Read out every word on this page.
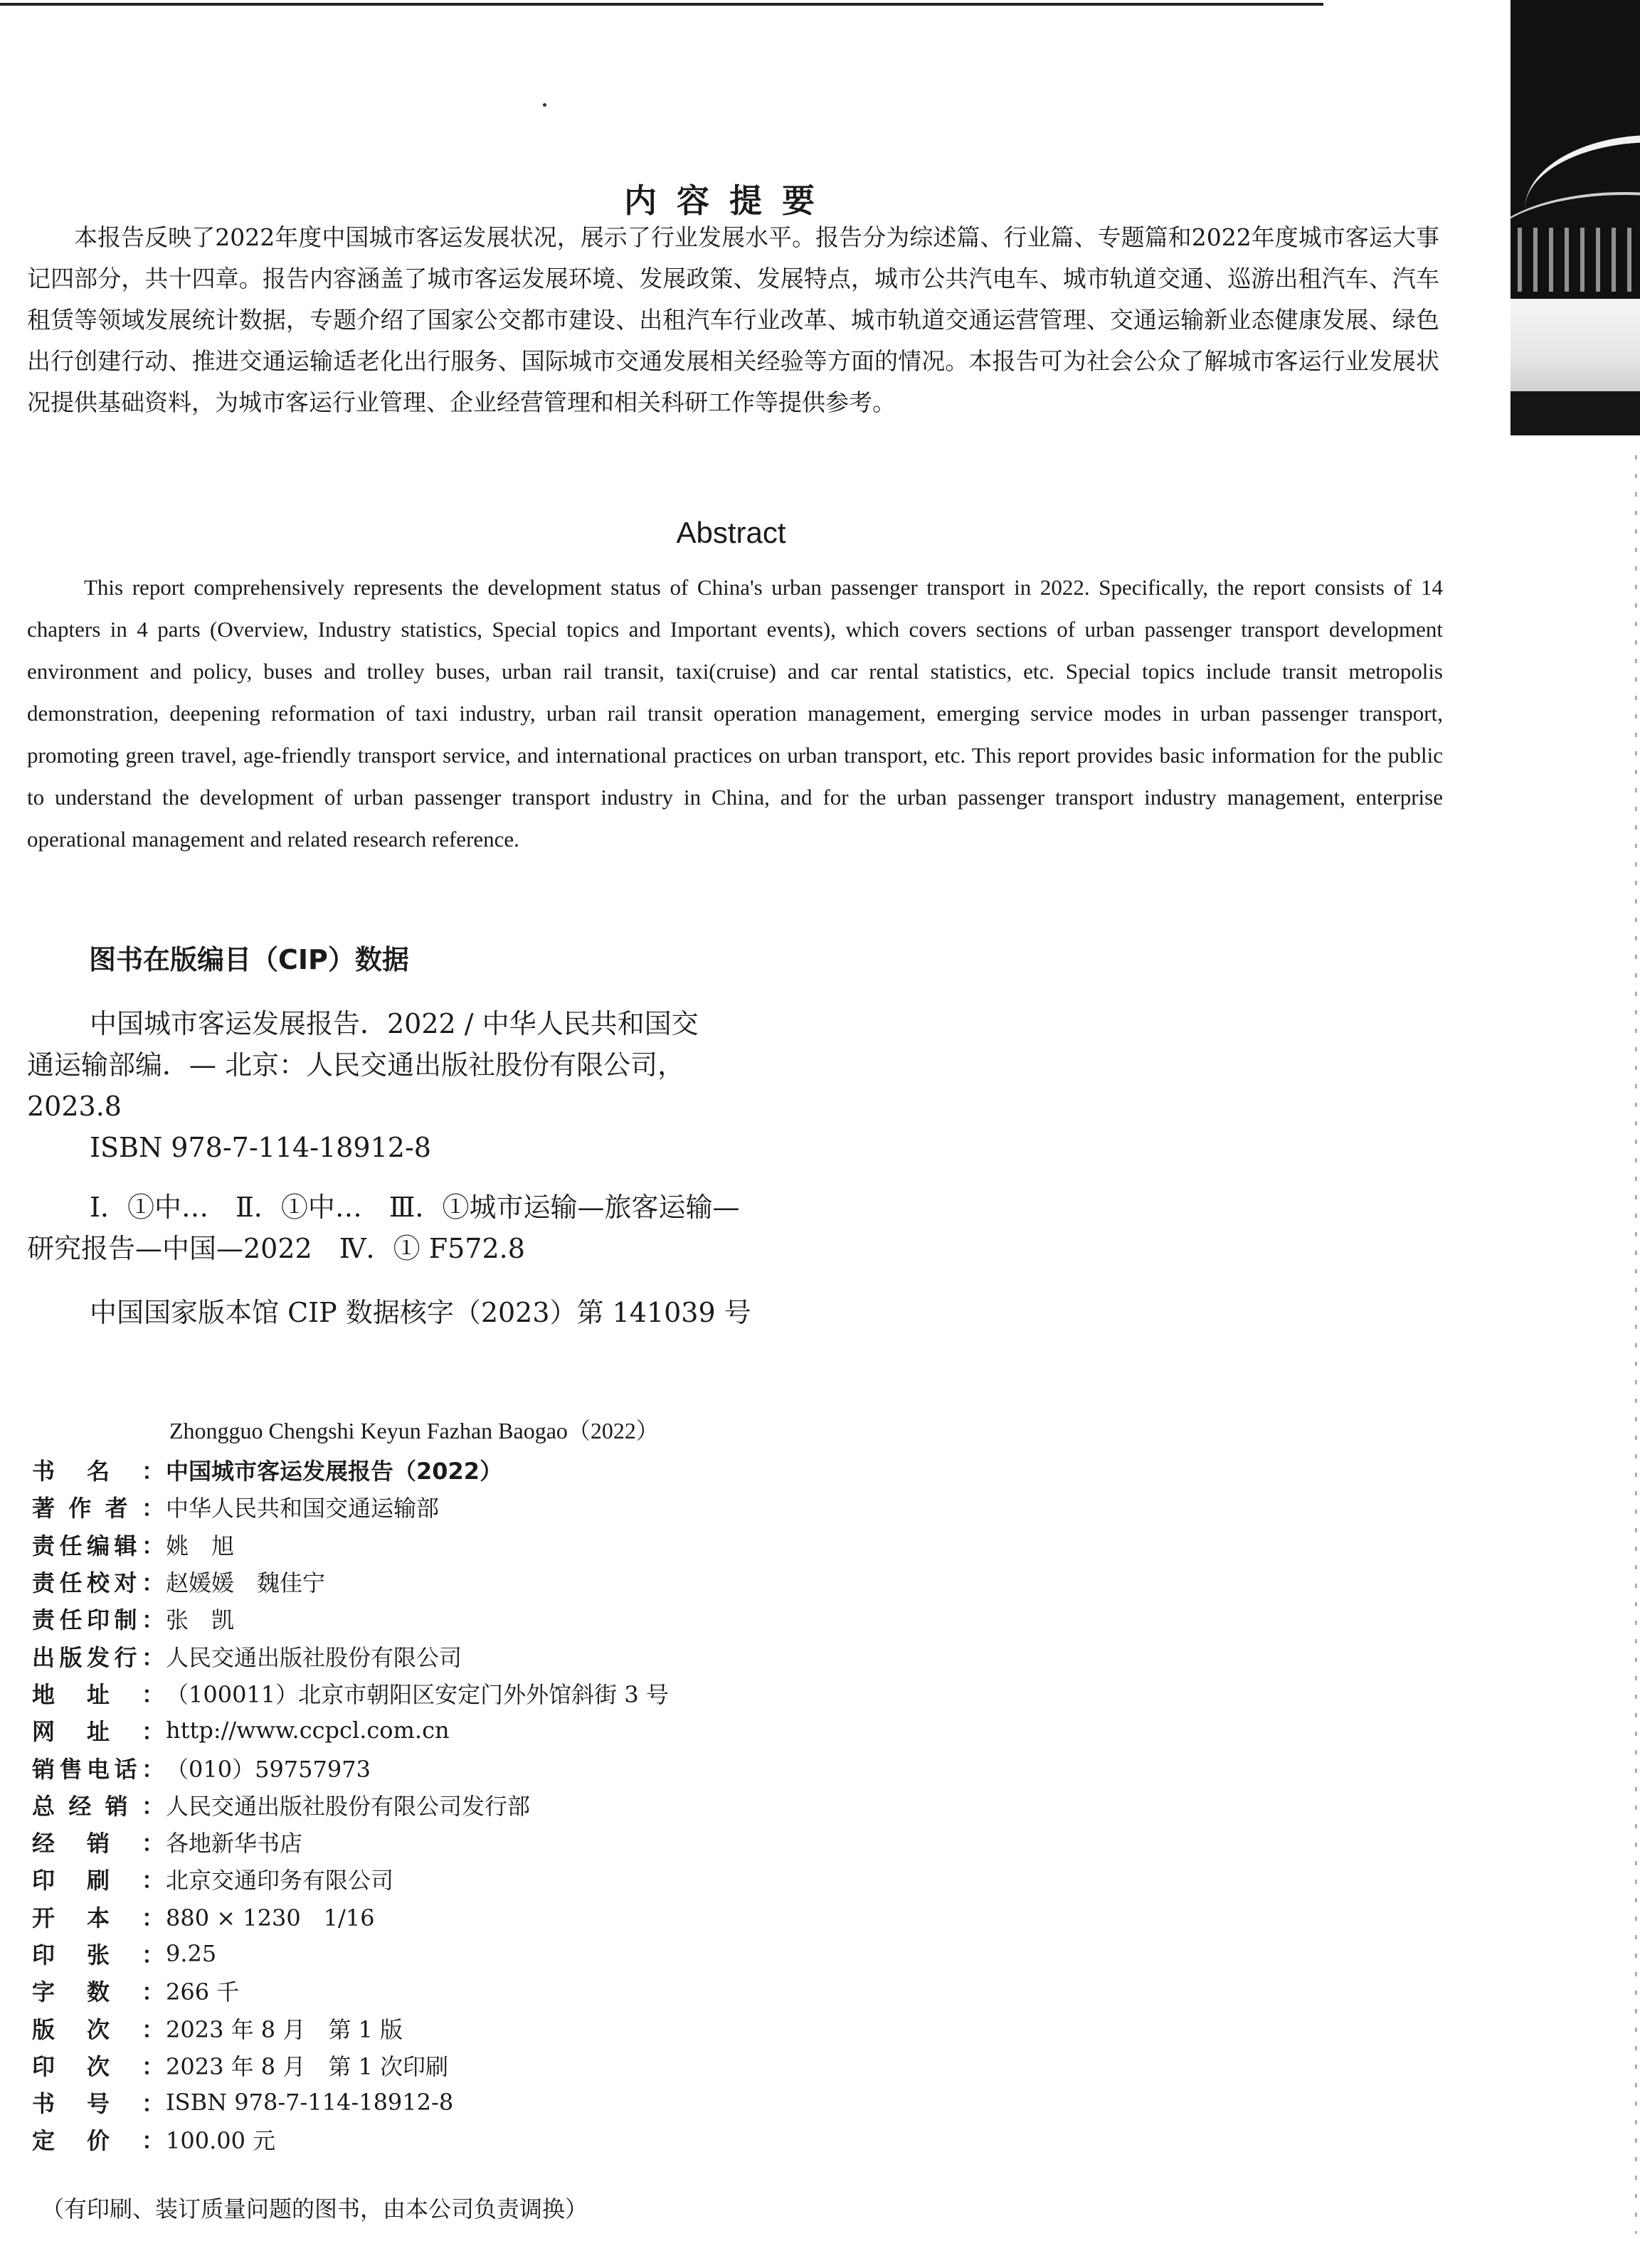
内容提要

本报告反映了2022年度中国城市客运发展状况，展示了行业发展水平。报告分为综述篇、行业篇、专题篇和2022年度城市客运大事记四部分，共十四章。报告内容涵盖了城市客运发展环境、发展政策、发展特点，城市公共汽电车、城市轨道交通、巡游出租汽车、汽车租赁等领域发展统计数据，专题介绍了国家公交都市建设、出租汽车行业改革、城市轨道交通运营管理、交通运输新业态健康发展、绿色出行创建行动、推进交通运输适老化出行服务、国际城市交通发展相关经验等方面的情况。本报告可为社会公众了解城市客运行业发展状况提供基础资料，为城市客运行业管理、企业经营管理和相关科研工作等提供参考。

Abstract

This report comprehensively represents the development status of China's urban passenger transport in 2022. Specifically, the report consists of 14 chapters in 4 parts (Overview, Industry statistics, Special topics and Important events), which covers sections of urban passenger transport development environment and policy, buses and trolley buses, urban rail transit, taxi(cruise) and car rental statistics, etc. Special topics include transit metropolis demonstration, deepening reformation of taxi industry, urban rail transit operation management, emerging service modes in urban passenger transport, promoting green travel, age-friendly transport service, and international practices on urban transport, etc. This report provides basic information for the public to understand the development of urban passenger transport industry in China, and for the urban passenger transport industry management, enterprise operational management and related research reference.

图书在版编目（CIP）数据
中国城市客运发展报告．2022 / 中华人民共和国交
通运输部编．— 北京：人民交通出版社股份有限公司，
2023.8
ISBN 978-7-114-18912-8
Ⅰ．①中…　Ⅱ．①中…　Ⅲ．①城市运输—旅客运输—
研究报告—中国—2022　Ⅳ．① F572.8
中国国家版本馆 CIP 数据核字（2023）第 141039 号
Zhongguo Chengshi Keyun Fazhan Baogao（2022）
书 名 ： 中国城市客运发展报告（2022）
著 作 者 ： 中华人民共和国交通运输部
责 任 编 辑 ： 姚　旭
责 任 校 对 ： 赵媛媛　魏佳宁
责 任 印 制 ： 张　凯
出 版 发 行 ： 人民交通出版社股份有限公司
地 址 ： （100011）北京市朝阳区安定门外外馆斜街 3 号
网 址 ： http://www.ccpcl.com.cn
销 售 电 话 ： （010）59757973
总 经 销 ： 人民交通出版社股份有限公司发行部
经 销 ： 各地新华书店
印 刷 ： 北京交通印务有限公司
开 本 ： 880 × 1230　1/16
印 张 ： 9.25
字 数 ： 266 千
版 次 ： 2023 年 8 月　第 1 版
印 次 ： 2023 年 8 月　第 1 次印刷
书 号 ： ISBN 978-7-114-18912-8
定 价 ： 100.00 元
（有印刷、装订质量问题的图书，由本公司负责调换）
